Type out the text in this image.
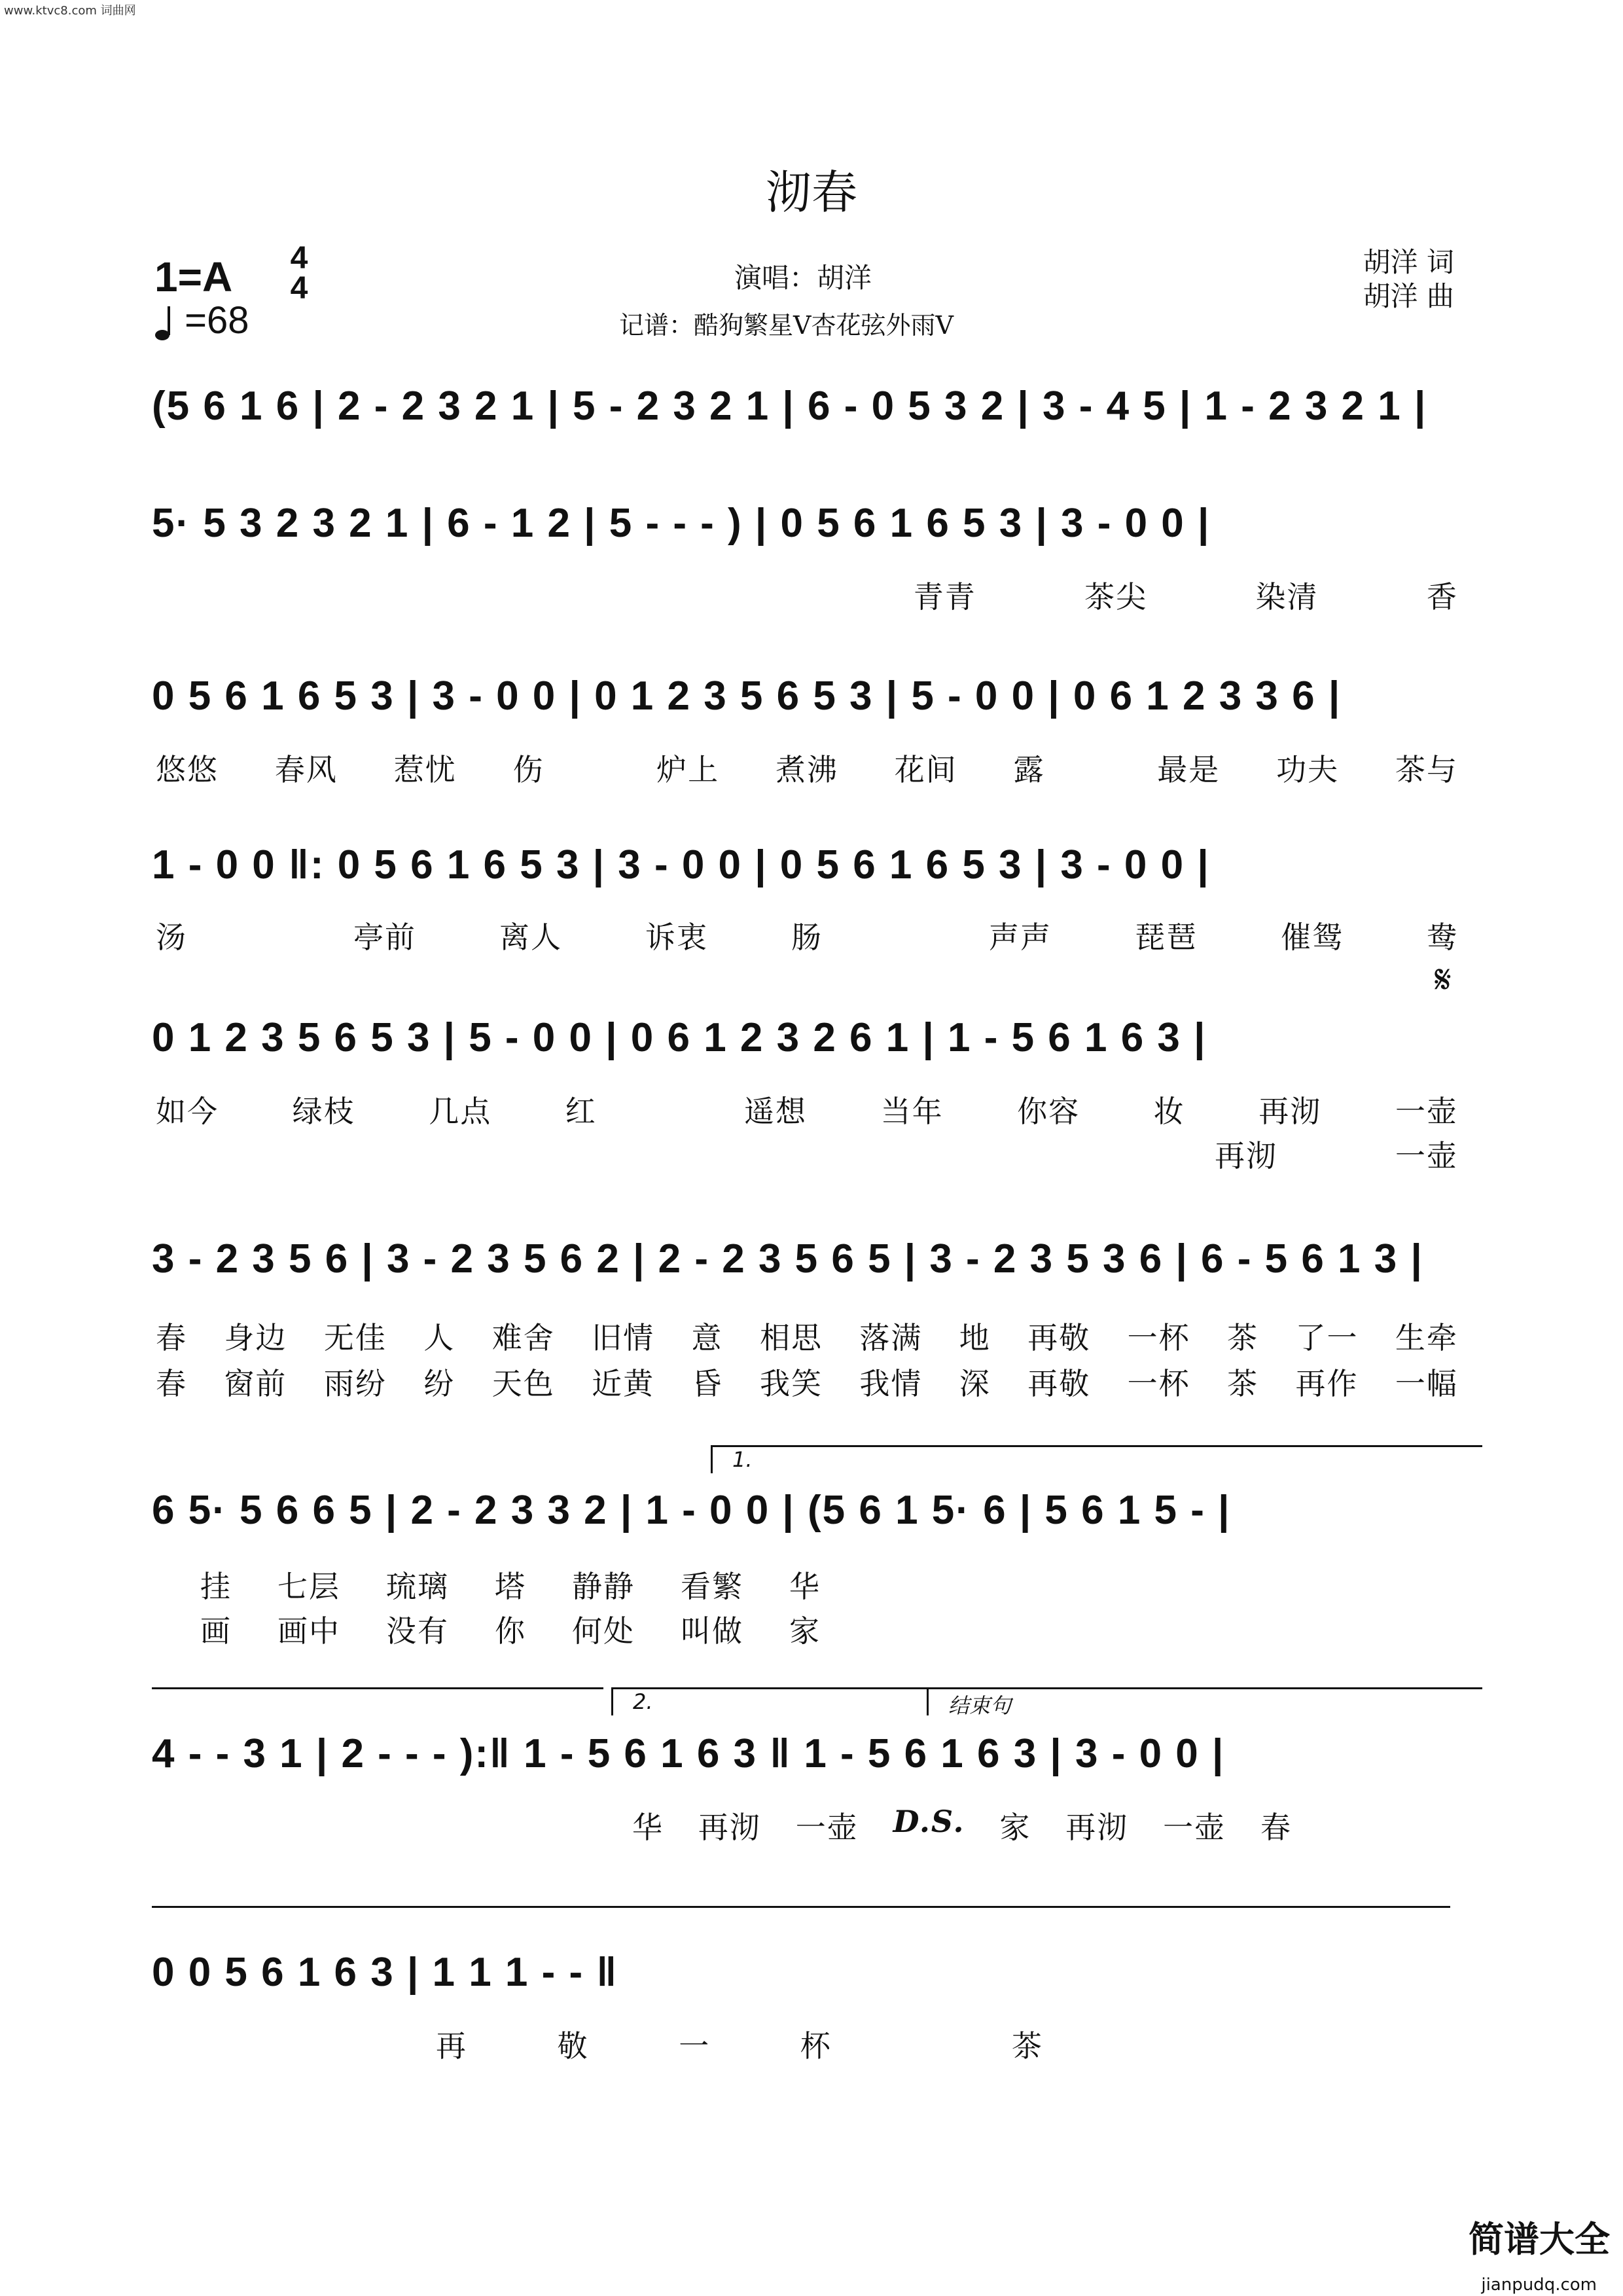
www.ktvc8.com 词曲网
沏春
1=A 4
4
=68
演唱：胡洋
记谱：酷狗繁星V杏花弦外雨V
胡洋 词
胡洋 曲
(5 6 1 6 | 2 - 2 3 2 1 | 5 - 2 3 2 1 | 6 - 0 5 3 2 | 3 - 4 5 | 1 - 2 3 2 1 |
5· 5 3 2 3 2 1 | 6 - 1 2 | 5 - - - ) | 0 5 6 1 6 5 3 | 3 - 0 0 |
青青	茶尖	染清	香
0 5 6 1 6 5 3 | 3 - 0 0 | 0 1 2 3 5 6 5 3 | 5 - 0 0 | 0 6 1 2 3 3 6 |
悠悠 春风 惹忧 伤	炉上 煮沸 花间 露	最是 功夫 茶与
1 - 0 0 ‖: 0 5 6 1 6 5 3 | 3 - 0 0 | 0 5 6 1 6 5 3 | 3 - 0 0 |
汤	亭前	离人	诉衷	肠	声声	琵琶	催鸳	鸯
𝄋
0 1 2 3 5 6 5 3 | 5 - 0 0 | 0 6 1 2 3 2 6 1 | 1 - 5 6 1 6 3 |
如今 绿枝 几点 红	遥想 当年 你容 妆 再沏 一壶
再沏	一壶
3 - 2 3 5 6 | 3 - 2 3 5 6 2 | 2 - 2 3 5 6 5 | 3 - 2 3 5 3 6 | 6 - 5 6 1 3 |
春 身边 无佳 人 难舍 旧情 意 相思 落满 地 再敬 一杯 茶 了一 生牵
春 窗前 雨纷 纷 天色 近黄 昏 我笑 我情 深 再敬 一杯 茶 再作 一幅
1.
6 5· 5 6 6 5 | 2 - 2 3 3 2 | 1 - 0 0 | (5 6 1 5· 6 | 5 6 1 5 - |
挂 七层 琉璃 塔 静静 看繁 华
画 画中 没有 你 何处 叫做 家
2.	结束句
4 - - 3 1 | 2 - - - ):‖ 1 - 5 6 1 6 3 ‖ 1 - 5 6 1 6 3 | 3 - 0 0 |
华 再沏 一壶 D.S. 家 再沏 一壶 春
0 0 5 6 1 6 3 | 1 1 1 - - ‖
再	敬	一	杯	茶
简谱大全
jianpudq.com
